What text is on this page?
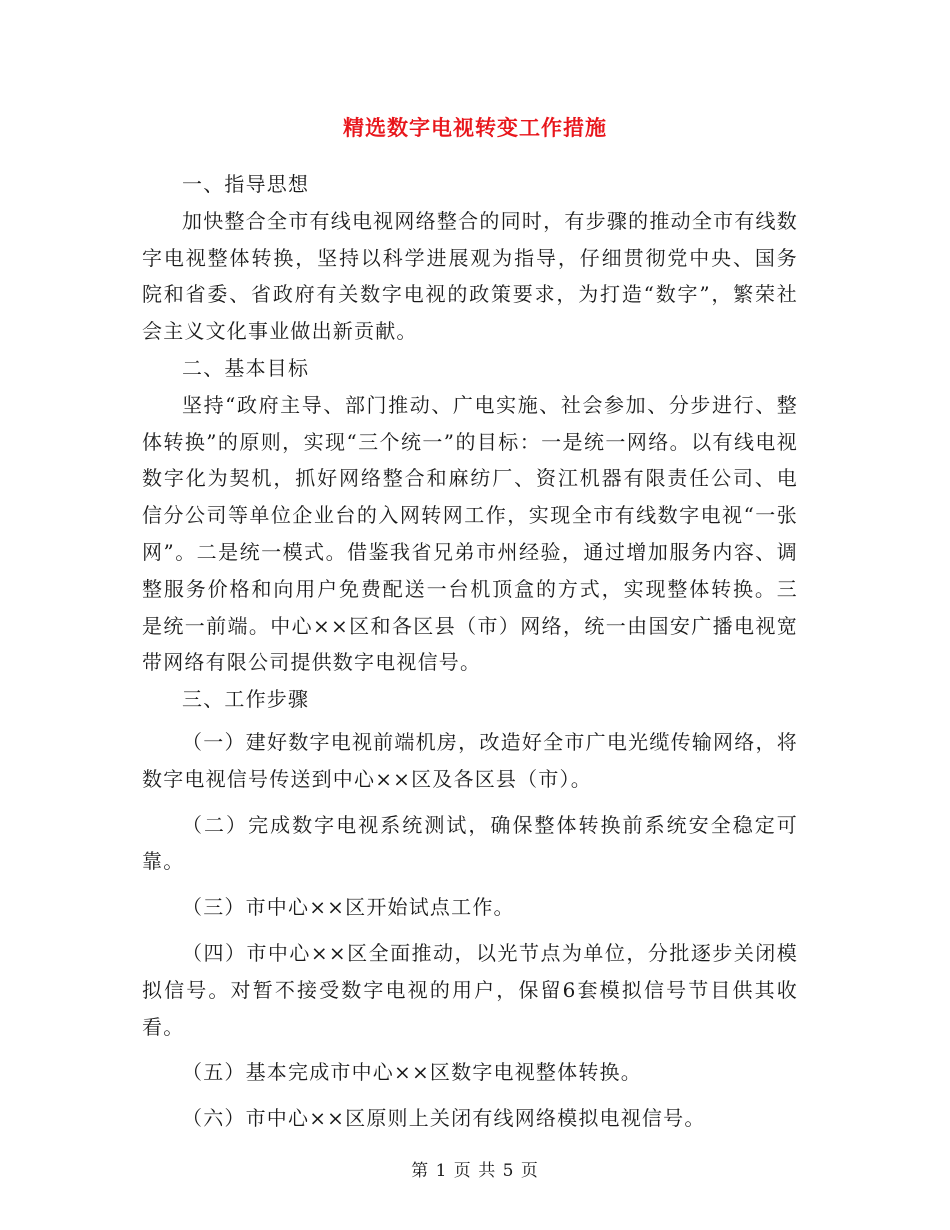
精选数字电视转变工作措施

一、指导思想

加快整合全市有线电视网络整合的同时，有步骤的推动全市有线数字电视整体转换，坚持以科学进展观为指导，仔细贯彻党中央、国务院和省委、省政府有关数字电视的政策要求，为打造“数字”，繁荣社会主义文化事业做出新贡献。

二、基本目标

坚持“政府主导、部门推动、广电实施、社会参加、分步进行、整体转换”的原则，实现“三个统一”的目标：一是统一网络。以有线电视数字化为契机，抓好网络整合和麻纺厂、资江机器有限责任公司、电信分公司等单位企业台的入网转网工作，实现全市有线数字电视“一张网”。二是统一模式。借鉴我省兄弟市州经验，通过增加服务内容、调整服务价格和向用户免费配送一台机顶盒的方式，实现整体转换。三是统一前端。中心××区和各区县（市）网络，统一由国安广播电视宽带网络有限公司提供数字电视信号。

三、工作步骤

（一）建好数字电视前端机房，改造好全市广电光缆传输网络，将数字电视信号传送到中心××区及各区县（市）。

（二）完成数字电视系统测试，确保整体转换前系统安全稳定可靠。

（三）市中心××区开始试点工作。

（四）市中心××区全面推动，以光节点为单位，分批逐步关闭模拟信号。对暂不接受数字电视的用户，保留6套模拟信号节目供其收看。

（五）基本完成市中心××区数字电视整体转换。

（六）市中心××区原则上关闭有线网络模拟电视信号。

第 1 页 共 5 页
